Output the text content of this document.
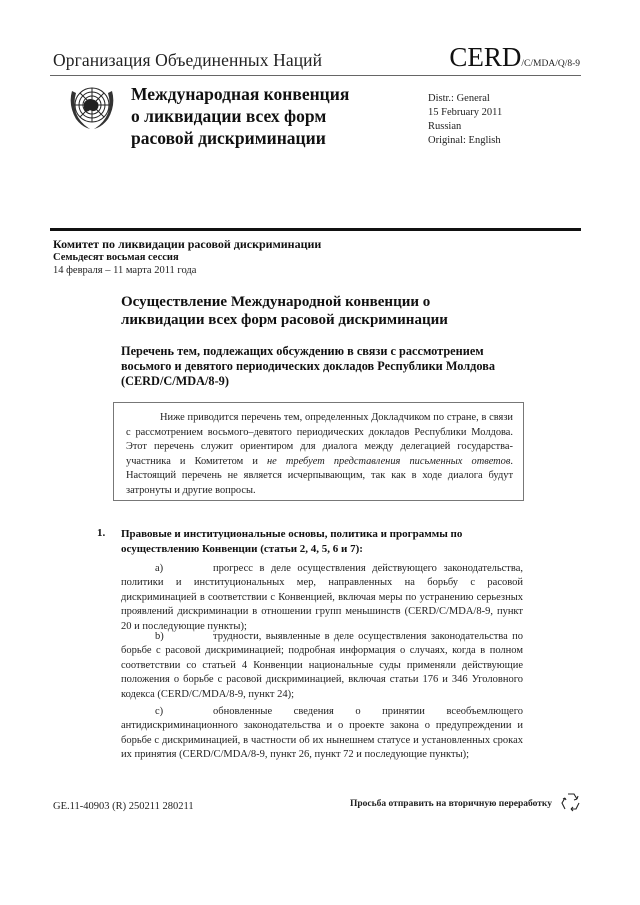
Организация Объединенных Наций	CERD/C/MDA/Q/8-9
Международная конвенция
о ликвидации всех форм
расовой дискриминации
Distr.: General
15 February 2011
Russian
Original: English
Комитет по ликвидации расовой дискриминации
Семьдесят восьмая сессия
14 февраля – 11 марта 2011 года
Осуществление Международной конвенции о ликвидации всех форм расовой дискриминации
Перечень тем, подлежащих обсуждению в связи с рассмотрением восьмого и девятого периодических докладов Республики Молдова (CERD/C/MDA/8-9)
Ниже приводится перечень тем, определенных Докладчиком по стране, в связи с рассмотрением восьмого–девятого периодических докладов Республики Молдова. Этот перечень служит ориентиром для диалога между делегацией государства-участника и Комитетом и не требует представления письменных ответов. Настоящий перечень не является исчерпывающим, так как в ходе диалога будут затронуты и другие вопросы.
1. Правовые и институциональные основы, политика и программы по осуществлению Конвенции (статьи 2, 4, 5, 6 и 7):
a)	прогресс в деле осуществления действующего законодательства, политики и институциональных мер, направленных на борьбу с расовой дискриминацией в соответствии с Конвенцией, включая меры по устранению серьезных проявлений дискриминации в отношении групп меньшинств (CERD/C/MDA/8-9, пункт 20 и последующие пункты);
b)	трудности, выявленные в деле осуществления законодательства по борьбе с расовой дискриминацией; подробная информация о случаях, когда в полном соответствии со статьей 4 Конвенции национальные суды применяли действующие положения о борьбе с расовой дискриминацией, включая статьи 176 и 346 Уголовного кодекса (CERD/C/MDA/8-9, пункт 24);
c)	обновленные сведения о принятии всеобъемлющего антидискриминационного законодательства и о проекте закона о предупреждении и борьбе с дискриминацией, в частности об их нынешнем статусе и установленных сроках их принятия (CERD/C/MDA/8-9, пункт 26, пункт 72 и последующие пункты);
GE.11-40903 (R) 250211 280211	Просьба отправить на вторичную переработку
